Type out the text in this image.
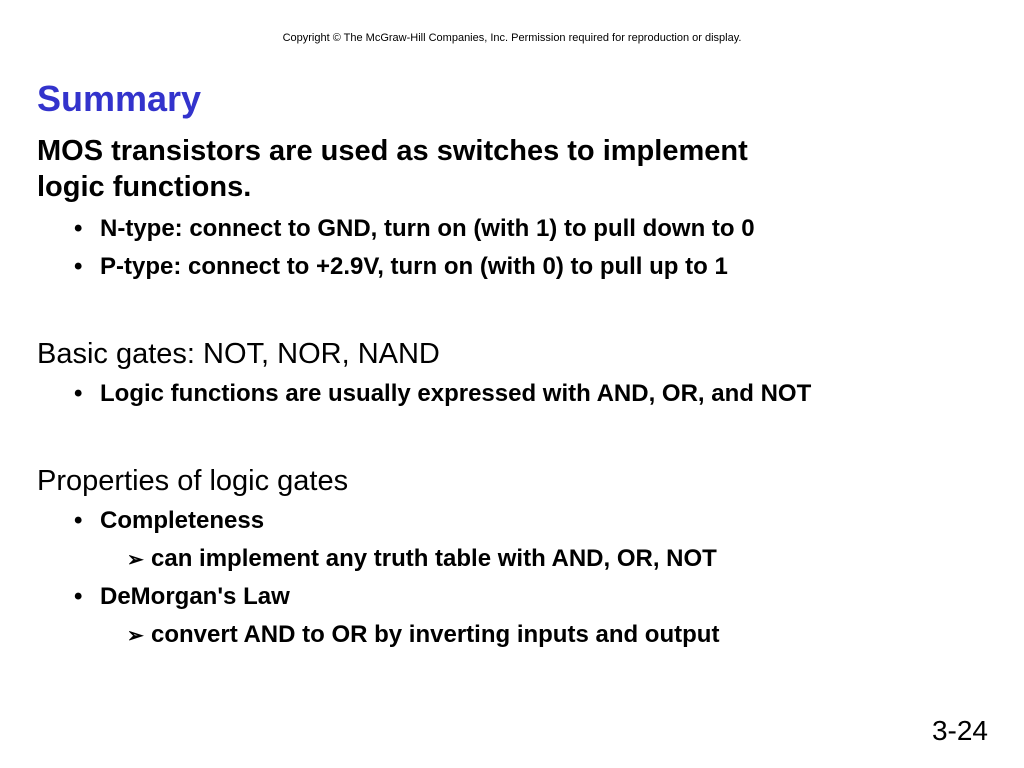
Copyright © The McGraw-Hill Companies, Inc. Permission required for reproduction or display.
Summary
MOS transistors are used as switches to implement
logic functions.
• N-type: connect to GND, turn on (with 1) to pull down to 0
• P-type: connect to +2.9V, turn on (with 0) to pull up to 1
Basic gates: NOT, NOR, NAND
• Logic functions are usually expressed with AND, OR, and NOT
Properties of logic gates
• Completeness
➢ can implement any truth table with AND, OR, NOT
• DeMorgan's Law
➢ convert AND to OR by inverting inputs and output
3-24
